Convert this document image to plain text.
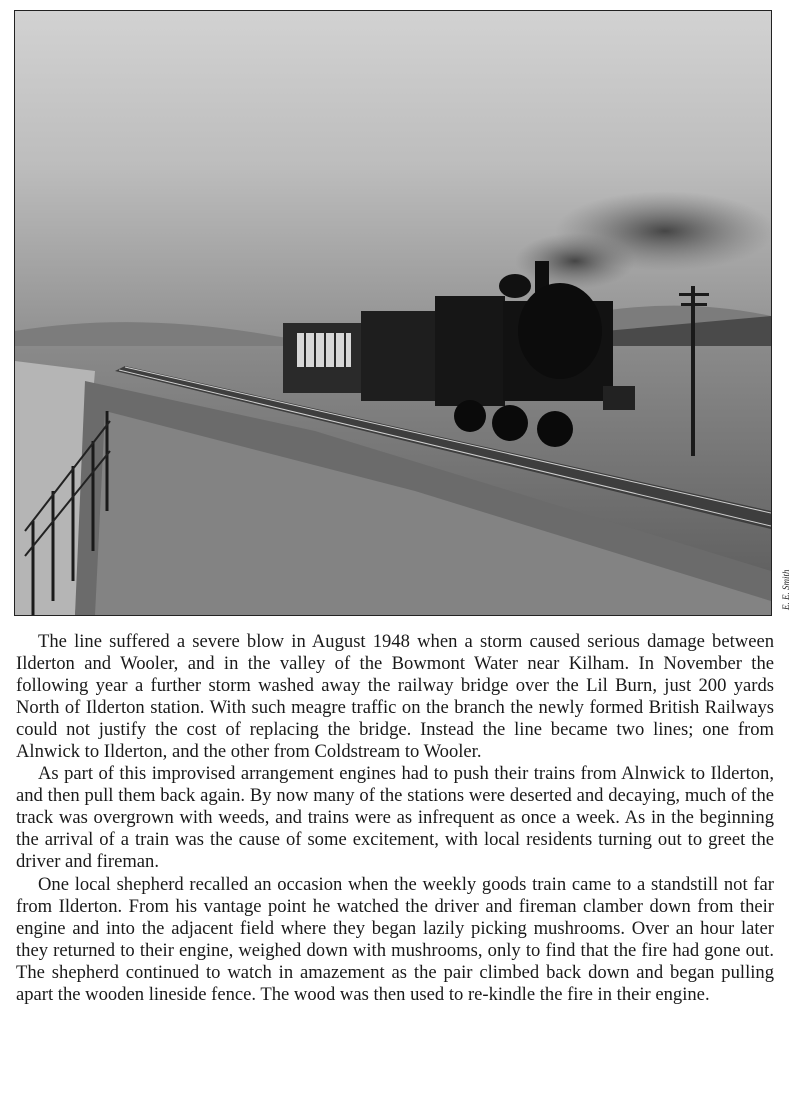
E. E. Smith

The line suffered a severe blow in August 1948 when a storm caused serious damage between Ilderton and Wooler, and in the valley of the Bowmont Water near Kilham. In November the following year a further storm washed away the railway bridge over the Lil Burn, just 200 yards North of Ilderton station. With such meagre traffic on the branch the newly formed British Railways could not justify the cost of replacing the bridge. Instead the line became two lines; one from Alnwick to Ilderton, and the other from Coldstream to Wooler.

As part of this improvised arrangement engines had to push their trains from Alnwick to Ilderton, and then pull them back again. By now many of the stations were deserted and decaying, much of the track was overgrown with weeds, and trains were as infrequent as once a week. As in the beginning the arrival of a train was the cause of some excitement, with local residents turning out to greet the driver and fireman.

One local shepherd recalled an occasion when the weekly goods train came to a standstill not far from Ilderton. From his vantage point he watched the driver and fireman clamber down from their engine and into the adjacent field where they began lazily picking mushrooms. Over an hour later they returned to their engine, weighed down with mushrooms, only to find that the fire had gone out. The shepherd continued to watch in amazement as the pair climbed back down and began pulling apart the wooden lineside fence. The wood was then used to re-kindle the fire in their engine.
